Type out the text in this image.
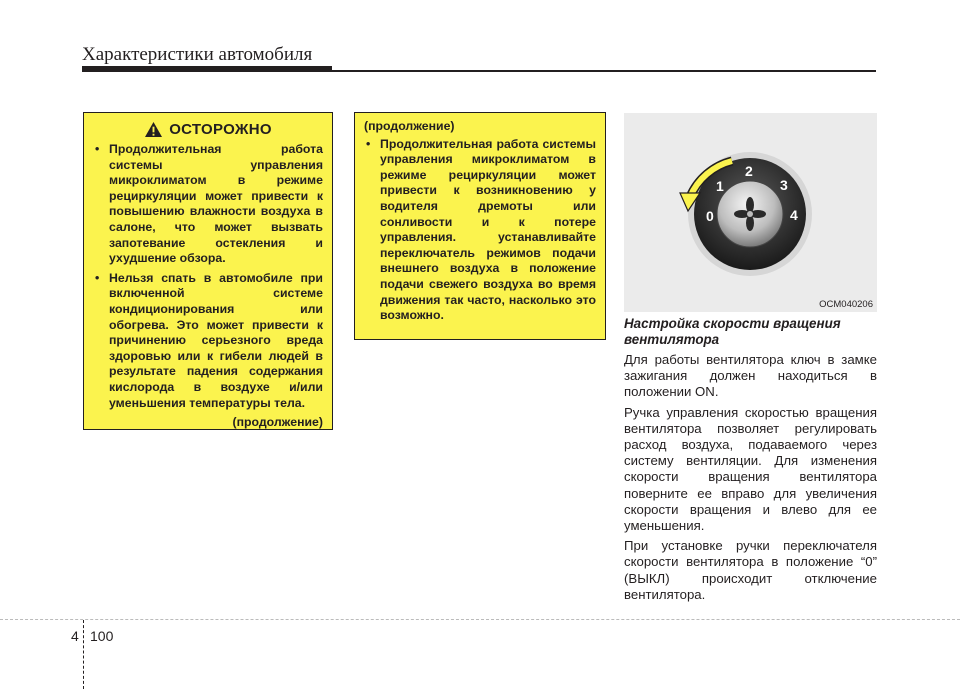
Характеристики автомобиля
ОСТОРОЖНО
• Продолжительная работа системы управления микроклиматом в режиме рециркуляции может привести к повышению влажности воздуха в салоне, что может вызвать запотевание остекления и ухудшение обзора.
• Нельзя спать в автомобиле при включенной системе кондиционирования или обогрева. Это может привести к причинению серьезного вреда здоровью или к гибели людей в результате падения содержания кислорода в воздухе и/или уменьшения температуры тела.
(продолжение)
(продолжение)
• Продолжительная работа системы управления микроклиматом в режиме рециркуляции может привести к возникновению у водителя дремоты или сонливости и к потере управления. устанавливайте переключатель режимов подачи внешнего воздуха в положение подачи свежего воздуха во время движения так часто, насколько это возможно.
0
1
2
3
4
OCM040206
Настройка скорости вращения вентилятора

Для работы вентилятора ключ в замке зажигания должен находиться в положении ON.

Ручка управления скоростью вращения вентилятора позволяет регулировать расход воздуха, подаваемого через систему вентиляции. Для изменения скорости вращения вентилятора поверните ее вправо для увеличения скорости вращения и влево для ее уменьшения.

При установке ручки переключателя скорости вентилятора в положение “0” (ВЫКЛ) происходит отключение вентилятора.

4 100
